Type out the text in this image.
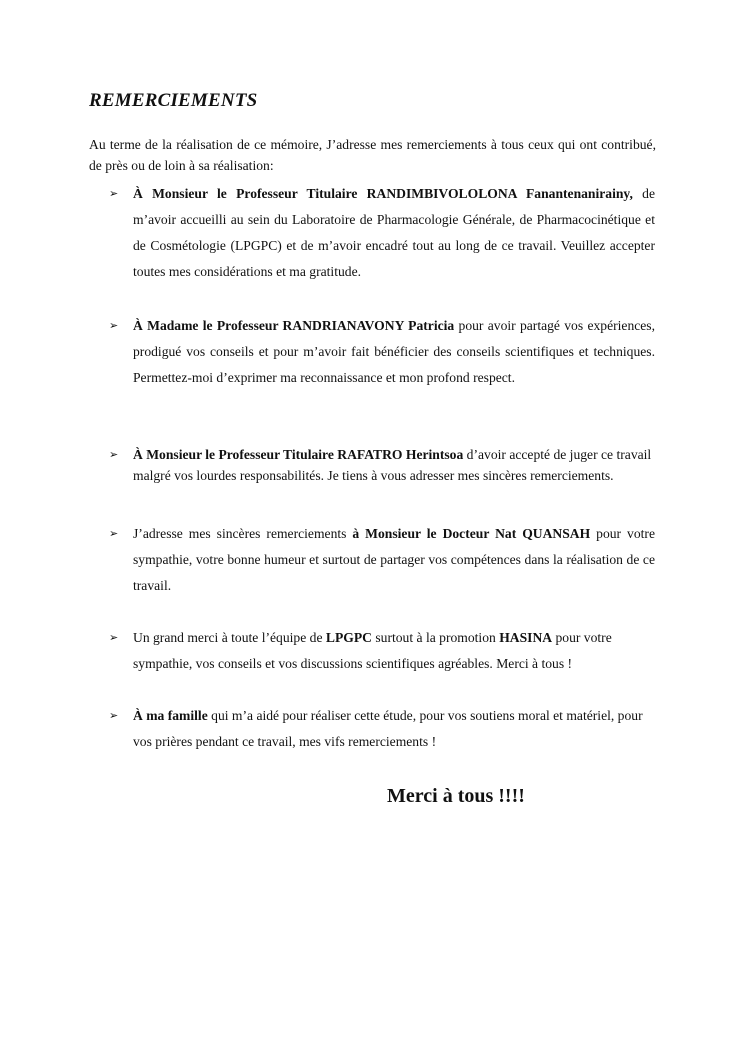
REMERCIEMENTS

Au terme de la réalisation de ce mémoire, J’adresse mes remerciements à tous ceux qui ont contribué, de près ou de loin à sa réalisation:

➢ À Monsieur le Professeur Titulaire RANDIMBIVOLOLONA Fanantenanirainy, de m’avoir accueilli au sein du Laboratoire de Pharmacologie Générale, de Pharmacocinétique et de Cosmétologie (LPGPC) et de m’avoir encadré tout au long de ce travail. Veuillez accepter toutes mes considérations et ma gratitude.

➢ À Madame le Professeur RANDRIANAVONY Patricia pour avoir partagé vos expériences, prodigué vos conseils et pour m’avoir fait bénéficier des conseils scientifiques et techniques. Permettez-moi d’exprimer ma reconnaissance et mon profond respect.

➢ À Monsieur le Professeur Titulaire RAFATRO Herintsoa d’avoir accepté de juger ce travail malgré vos lourdes responsabilités. Je tiens à vous adresser mes sincères remerciements.

➢ J’adresse mes sincères remerciements à Monsieur le Docteur Nat QUANSAH pour votre sympathie, votre bonne humeur et surtout de partager vos compétences dans la réalisation de ce travail.

➢ Un grand merci à toute l’équipe de LPGPC surtout à la promotion HASINA pour votre sympathie, vos conseils et vos discussions scientifiques agréables. Merci à tous !

➢ À ma famille qui m’a aidé pour réaliser cette étude, pour vos soutiens moral et matériel, pour vos prières pendant ce travail, mes vifs remerciements !

Merci à tous !!!!
